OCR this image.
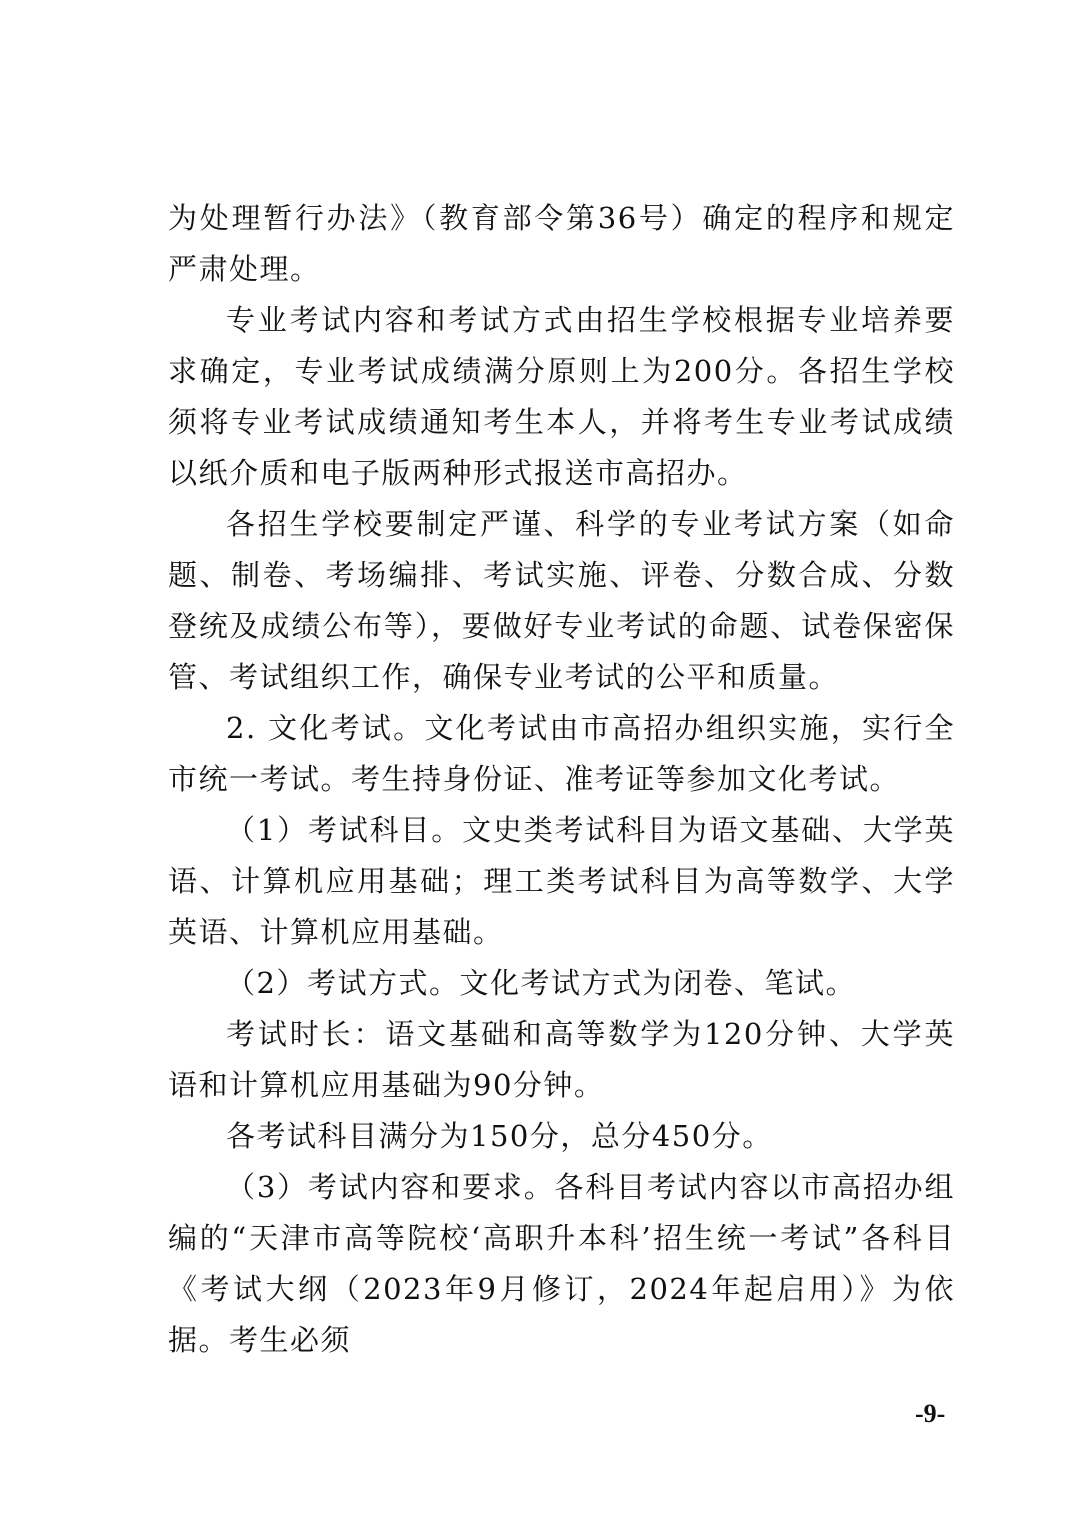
为处理暂行办法》（教育部令第36号）确定的程序和规定严肃处理。

专业考试内容和考试方式由招生学校根据专业培养要求确定，专业考试成绩满分原则上为200分。各招生学校须将专业考试成绩通知考生本人，并将考生专业考试成绩以纸介质和电子版两种形式报送市高招办。

各招生学校要制定严谨、科学的专业考试方案（如命题、制卷、考场编排、考试实施、评卷、分数合成、分数登统及成绩公布等），要做好专业考试的命题、试卷保密保管、考试组织工作，确保专业考试的公平和质量。

2. 文化考试。文化考试由市高招办组织实施，实行全市统一考试。考生持身份证、准考证等参加文化考试。

（1）考试科目。文史类考试科目为语文基础、大学英语、计算机应用基础；理工类考试科目为高等数学、大学英语、计算机应用基础。

（2）考试方式。文化考试方式为闭卷、笔试。

考试时长：语文基础和高等数学为120分钟、大学英语和计算机应用基础为90分钟。

各考试科目满分为150分，总分450分。

（3）考试内容和要求。各科目考试内容以市高招办组编的“天津市高等院校‘高职升本科’招生统一考试”各科目《考试大纲（2023年9月修订，2024年起启用）》为依据。考生必须

-9-
